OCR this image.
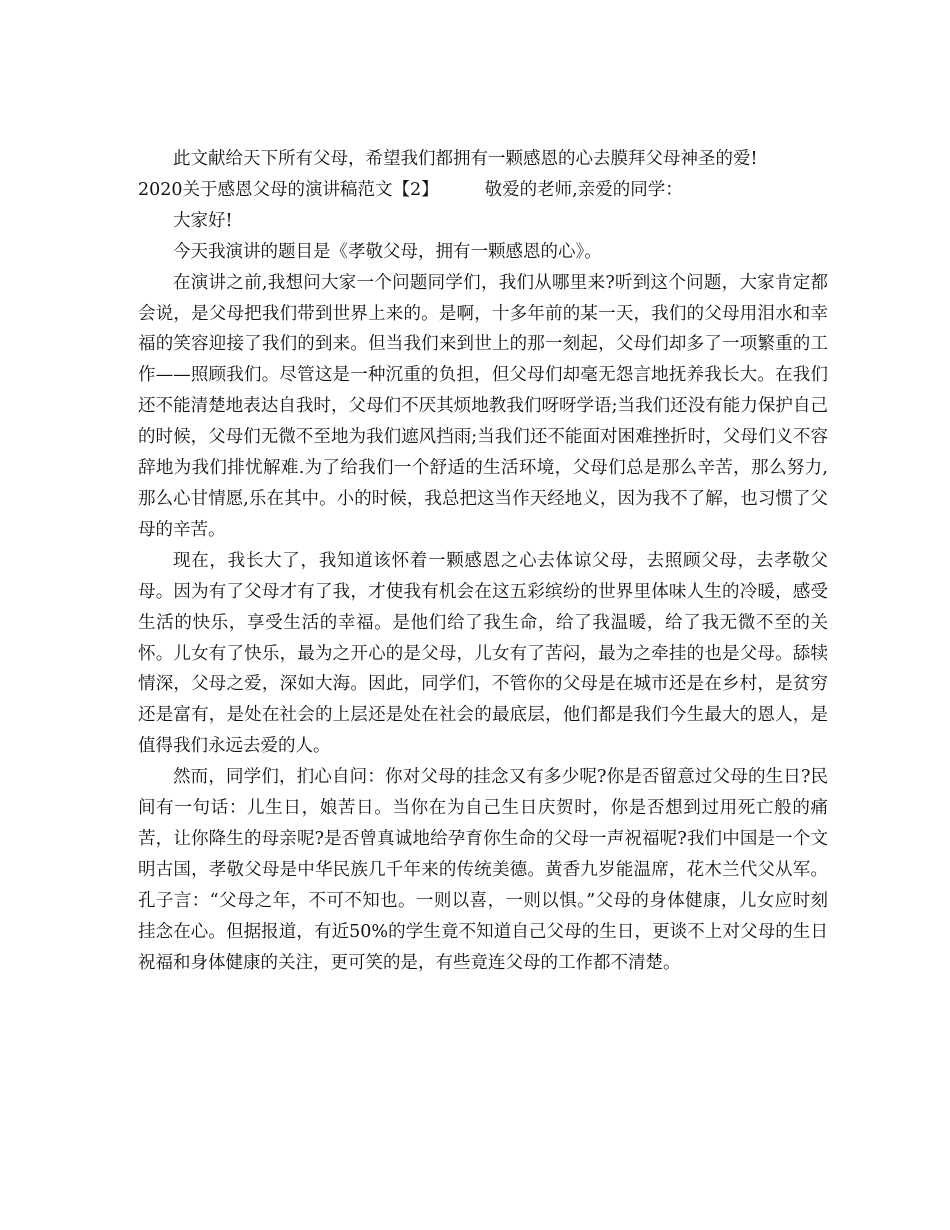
此文献给天下所有父母，希望我们都拥有一颗感恩的心去膜拜父母神圣的爱!

2020关于感恩父母的演讲稿范文【2】	敬爱的老师,亲爱的同学：

大家好!

今天我演讲的题目是《孝敬父母，拥有一颗感恩的心》。

在演讲之前,我想问大家一个问题同学们，我们从哪里来?听到这个问题，大家肯定都会说，是父母把我们带到世界上来的。是啊，十多年前的某一天，我们的父母用泪水和幸福的笑容迎接了我们的到来。但当我们来到世上的那一刻起，父母们却多了一项繁重的工作——照顾我们。尽管这是一种沉重的负担，但父母们却毫无怨言地抚养我长大。在我们还不能清楚地表达自我时，父母们不厌其烦地教我们呀呀学语;当我们还没有能力保护自己的时候，父母们无微不至地为我们遮风挡雨;当我们还不能面对困难挫折时，父母们义不容辞地为我们排忧解难.为了给我们一个舒适的生活环境，父母们总是那么辛苦，那么努力,那么心甘情愿,乐在其中。小的时候，我总把这当作天经地义，因为我不了解，也习惯了父母的辛苦。

现在，我长大了，我知道该怀着一颗感恩之心去体谅父母，去照顾父母，去孝敬父母。因为有了父母才有了我，才使我有机会在这五彩缤纷的世界里体味人生的冷暖，感受生活的快乐，享受生活的幸福。是他们给了我生命，给了我温暖，给了我无微不至的关怀。儿女有了快乐，最为之开心的是父母，儿女有了苦闷，最为之牵挂的也是父母。舔犊情深，父母之爱，深如大海。因此，同学们，不管你的父母是在城市还是在乡村，是贫穷还是富有，是处在社会的上层还是处在社会的最底层，他们都是我们今生最大的恩人，是值得我们永远去爱的人。

然而，同学们，扪心自问：你对父母的挂念又有多少呢?你是否留意过父母的生日?民间有一句话：儿生日，娘苦日。当你在为自己生日庆贺时，你是否想到过用死亡般的痛苦，让你降生的母亲呢?是否曾真诚地给孕育你生命的父母一声祝福呢?我们中国是一个文明古国，孝敬父母是中华民族几千年来的传统美德。黄香九岁能温席，花木兰代父从军。孔子言：“父母之年，不可不知也。一则以喜，一则以惧。”父母的身体健康，儿女应时刻挂念在心。但据报道，有近50%的学生竟不知道自己父母的生日，更谈不上对父母的生日祝福和身体健康的关注，更可笑的是，有些竟连父母的工作都不清楚。
